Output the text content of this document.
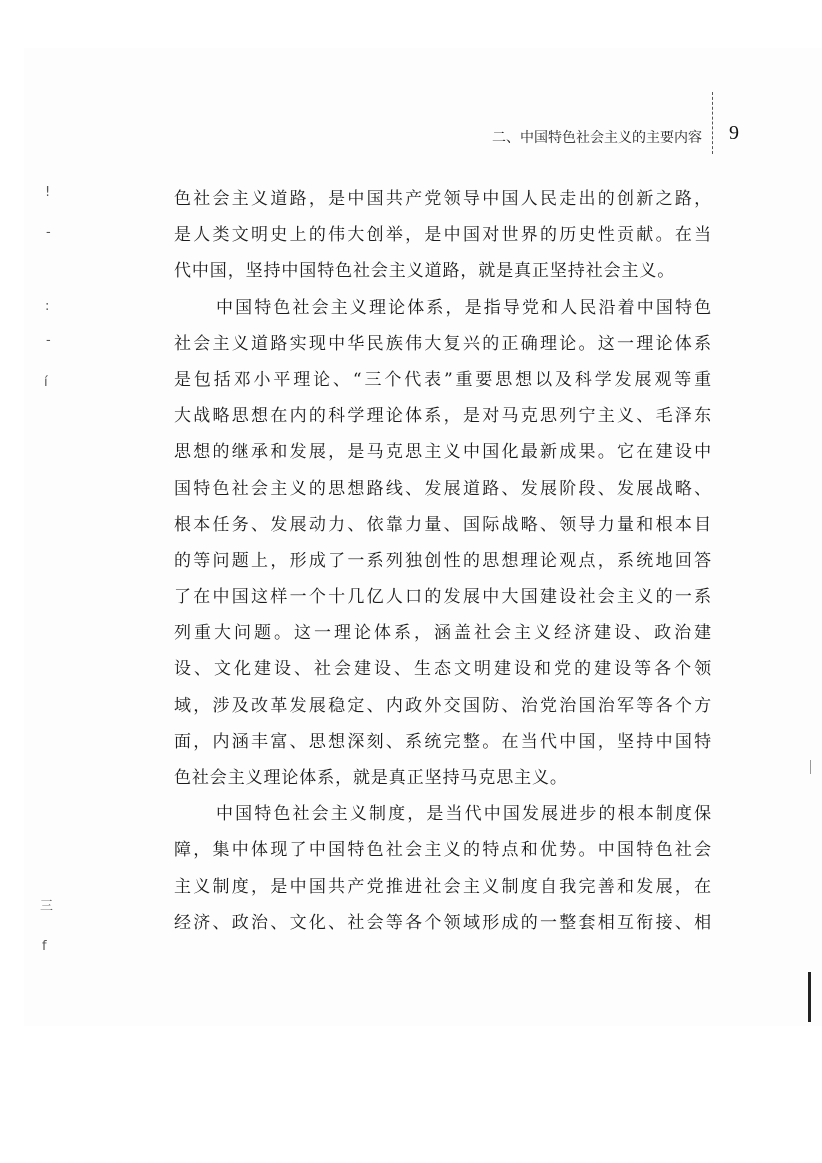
二、中国特色社会主义的主要内容 9
色社会主义道路，是中国共产党领导中国人民走出的创新之路，
是人类文明史上的伟大创举，是中国对世界的历史性贡献。在当
代中国，坚持中国特色社会主义道路，就是真正坚持社会主义。
中国特色社会主义理论体系，是指导党和人民沿着中国特色
社会主义道路实现中华民族伟大复兴的正确理论。这一理论体系
是包括邓小平理论、“三个代表”重要思想以及科学发展观等重
大战略思想在内的科学理论体系，是对马克思列宁主义、毛泽东
思想的继承和发展，是马克思主义中国化最新成果。它在建设中
国特色社会主义的思想路线、发展道路、发展阶段、发展战略、
根本任务、发展动力、依靠力量、国际战略、领导力量和根本目
的等问题上，形成了一系列独创性的思想理论观点，系统地回答
了在中国这样一个十几亿人口的发展中大国建设社会主义的一系
列重大问题。这一理论体系，涵盖社会主义经济建设、政治建
设、文化建设、社会建设、生态文明建设和党的建设等各个领
域，涉及改革发展稳定、内政外交国防、治党治国治军等各个方
面，内涵丰富、思想深刻、系统完整。在当代中国，坚持中国特
色社会主义理论体系，就是真正坚持马克思主义。
中国特色社会主义制度，是当代中国发展进步的根本制度保
障，集中体现了中国特色社会主义的特点和优势。中国特色社会
主义制度，是中国共产党推进社会主义制度自我完善和发展，在
经济、政治、文化、社会等各个领域形成的一整套相互衔接、相
!
-
:
-
í
三
f
